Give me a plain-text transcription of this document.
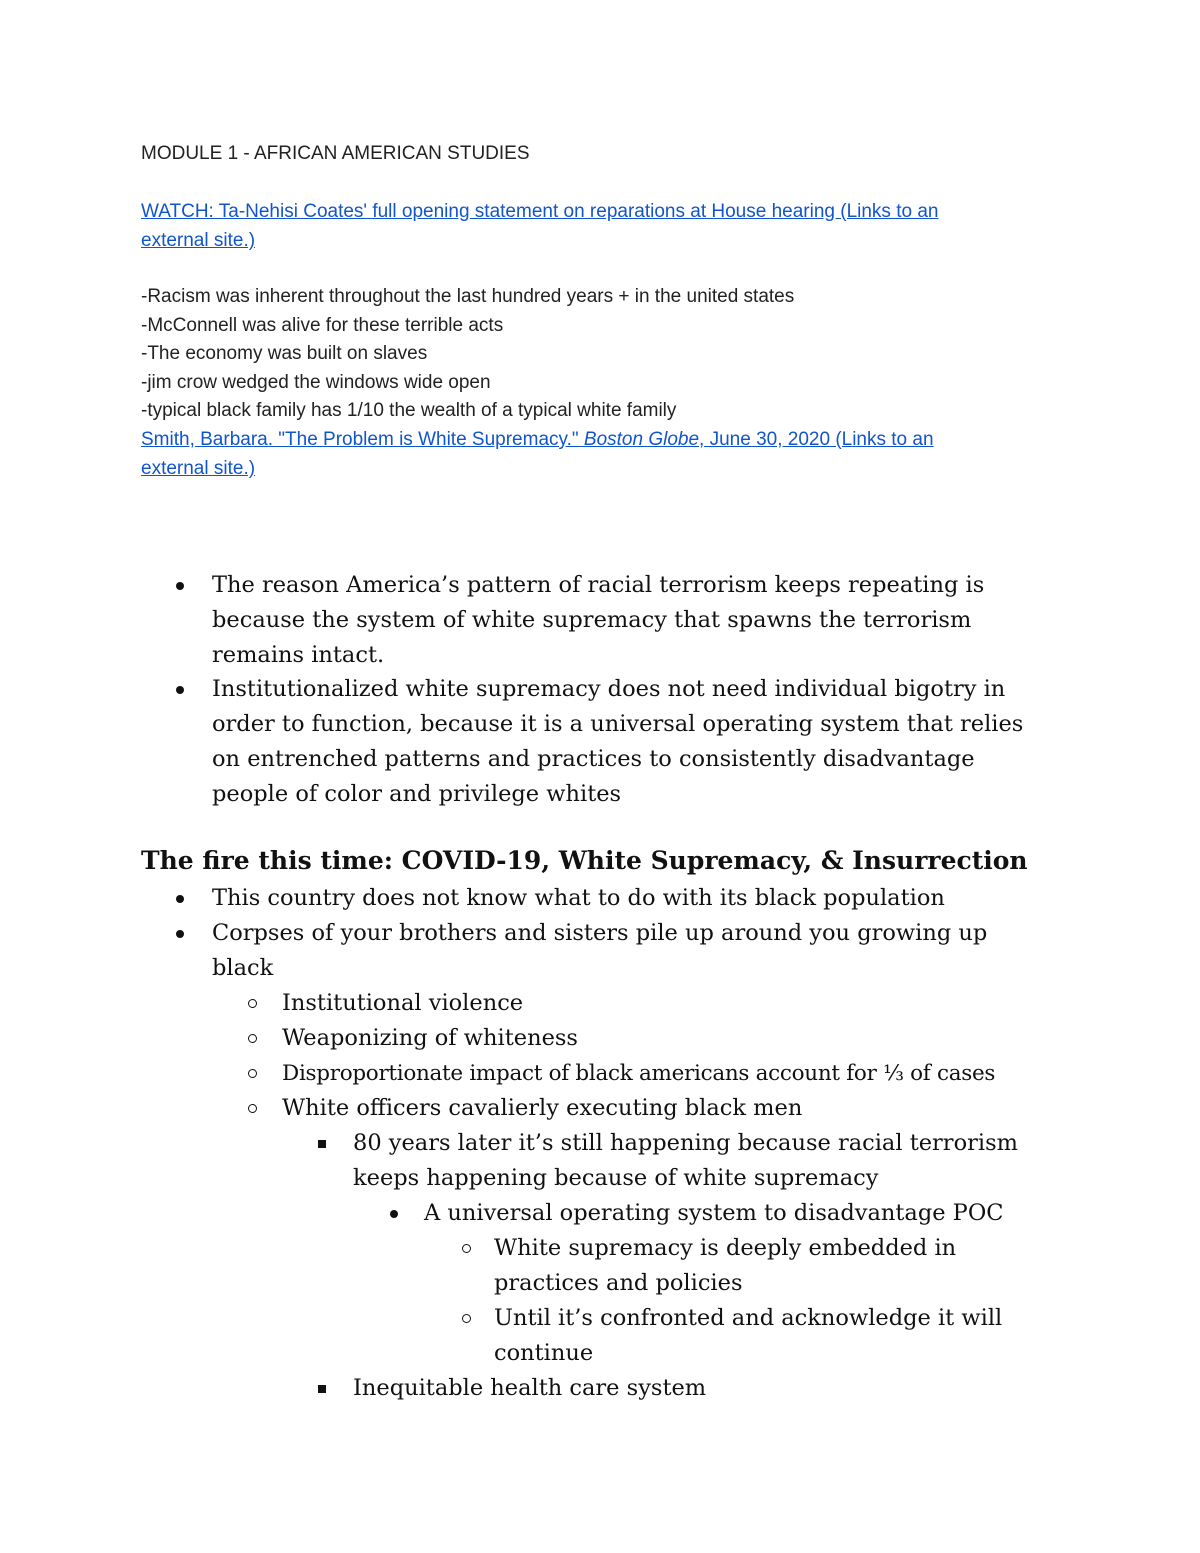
MODULE 1 - AFRICAN AMERICAN STUDIES
WATCH: Ta-Nehisi Coates' full opening statement on reparations at House hearing (Links to an
external site.)
-Racism was inherent throughout the last hundred years + in the united states
-McConnell was alive for these terrible acts
-The economy was built on slaves
-jim crow wedged the windows wide open
-typical black family has 1/10 the wealth of a typical white family
Smith, Barbara. "The Problem is White Supremacy." Boston Globe, June 30, 2020 (Links to an
external site.)
The reason America’s pattern of racial terrorism keeps repeating is because the system of white supremacy that spawns the terrorism remains intact.
Institutionalized white supremacy does not need individual bigotry in order to function, because it is a universal operating system that relies on entrenched patterns and practices to consistently disadvantage people of color and privilege whites
The fire this time: COVID-19, White Supremacy, & Insurrection
This country does not know what to do with its black population
Corpses of your brothers and sisters pile up around you growing up black
Institutional violence
Weaponizing of whiteness
Disproportionate impact of black americans account for ⅓ of cases
White officers cavalierly executing black men
80 years later it’s still happening because racial terrorism keeps happening because of white supremacy
A universal operating system to disadvantage POC
White supremacy is deeply embedded in practices and policies
Until it’s confronted and acknowledge it will continue
Inequitable health care system
